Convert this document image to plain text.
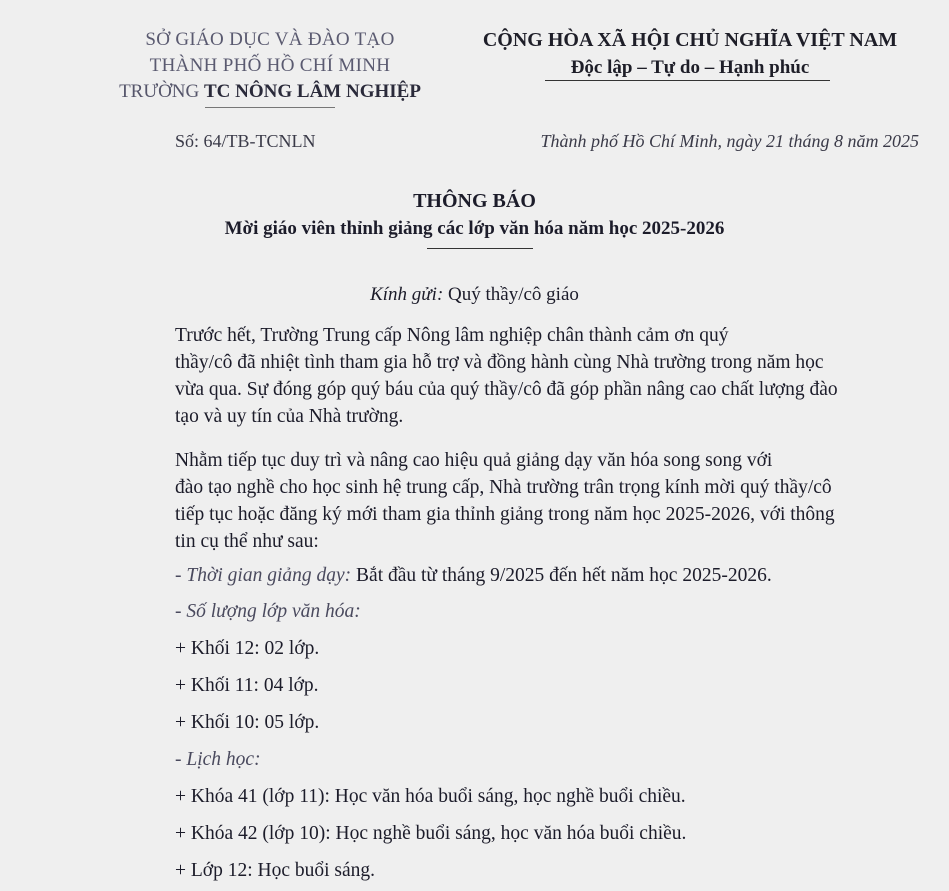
SỞ GIÁO DỤC VÀ ĐÀO TẠO
THÀNH PHỐ HỒ CHÍ MINH
TRƯỜNG TC NÔNG LÂM NGHIỆP
CỘNG HÒA XÃ HỘI CHỦ NGHĨA VIỆT NAM
Độc lập – Tự do – Hạnh phúc
Số: 64/TB-TCNLN	Thành phố Hồ Chí Minh, ngày 21 tháng 8 năm 2025
THÔNG BÁO
Mời giáo viên thỉnh giảng các lớp văn hóa năm học 2025-2026
Kính gửi: Quý thầy/cô giáo
Trước hết, Trường Trung cấp Nông lâm nghiệp chân thành cảm ơn quý
thầy/cô đã nhiệt tình tham gia hỗ trợ và đồng hành cùng Nhà trường trong năm học
vừa qua. Sự đóng góp quý báu của quý thầy/cô đã góp phần nâng cao chất lượng đào
tạo và uy tín của Nhà trường.
Nhằm tiếp tục duy trì và nâng cao hiệu quả giảng dạy văn hóa song song với
đào tạo nghề cho học sinh hệ trung cấp, Nhà trường trân trọng kính mời quý thầy/cô
tiếp tục hoặc đăng ký mới tham gia thỉnh giảng trong năm học 2025-2026, với thông
tin cụ thể như sau:
- Thời gian giảng dạy: Bắt đầu từ tháng 9/2025 đến hết năm học 2025-2026.
- Số lượng lớp văn hóa:
+ Khối 12: 02 lớp.
+ Khối 11: 04 lớp.
+ Khối 10: 05 lớp.
- Lịch học:
+ Khóa 41 (lớp 11): Học văn hóa buổi sáng, học nghề buổi chiều.
+ Khóa 42 (lớp 10): Học nghề buổi sáng, học văn hóa buổi chiều.
+ Lớp 12: Học buổi sáng.
